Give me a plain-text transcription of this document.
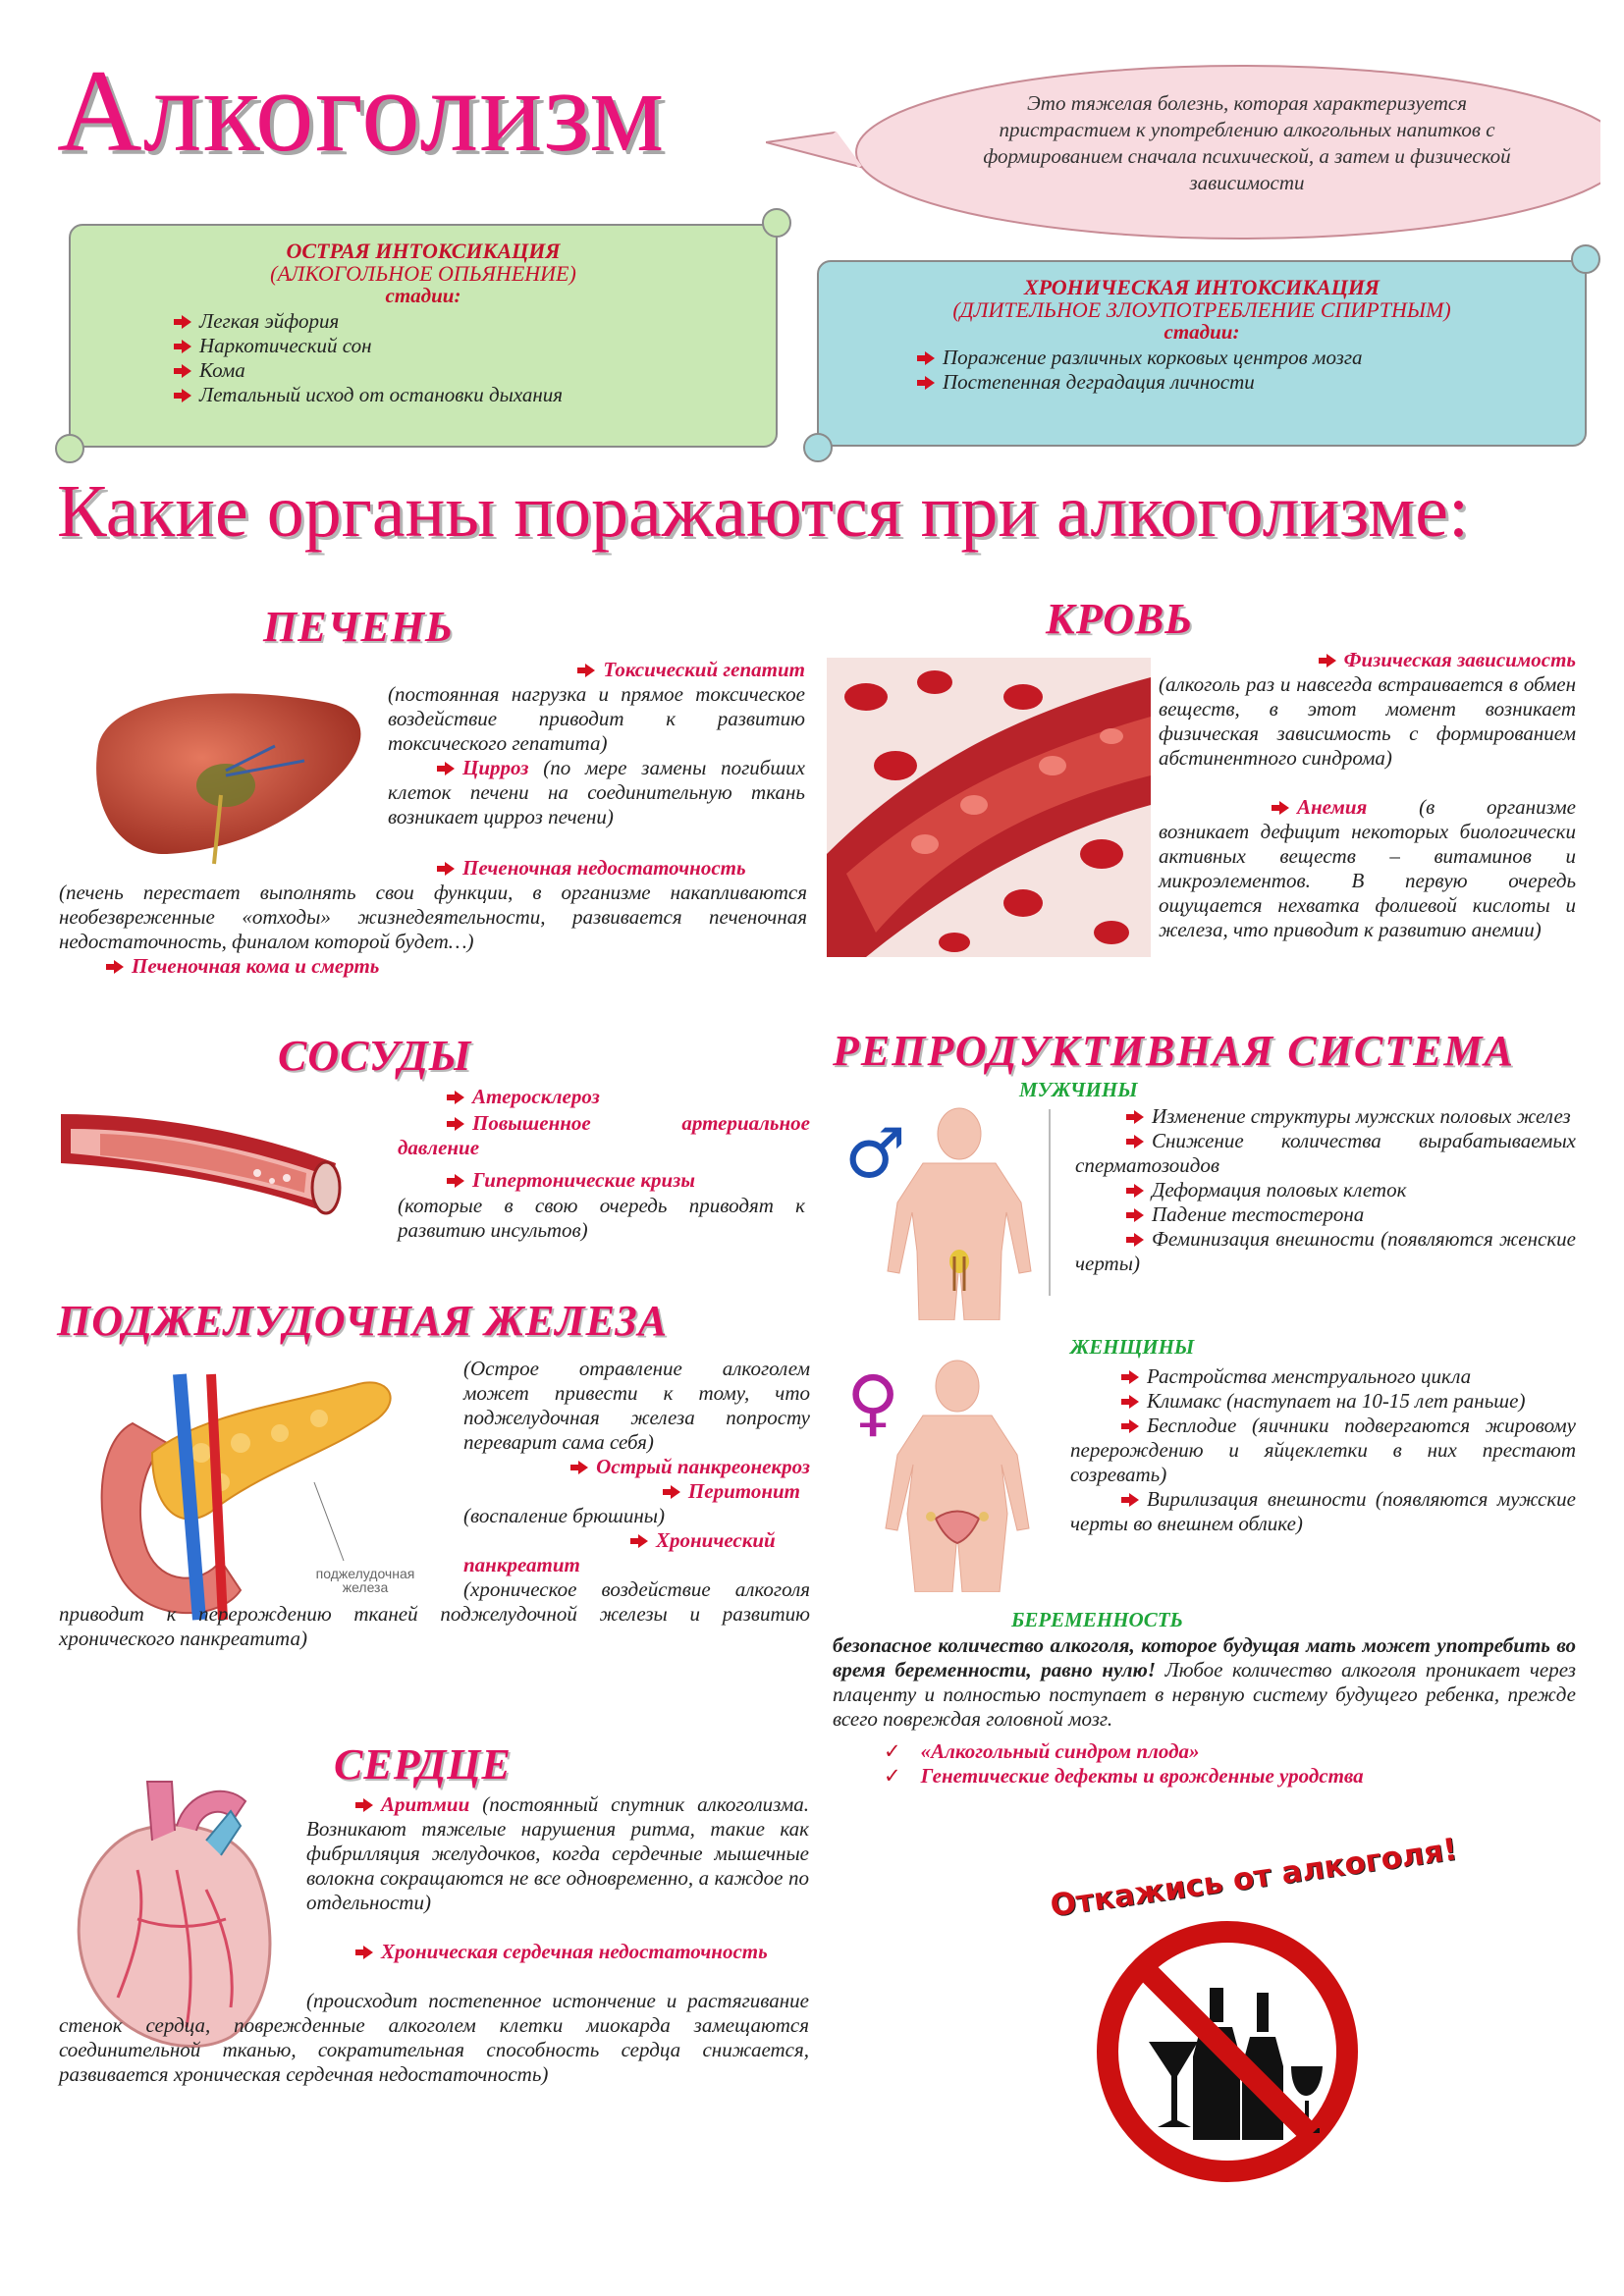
Алкоголизм	Это тяжелая болезнь, которая характеризуется пристрастием к употреблению алкогольных напитков с формированием сначала психической, а затем и физической зависимости
ОСТРАЯ ИНТОКСИКАЦИЯ
(АЛКОГОЛЬНОЕ ОПЬЯНЕНИЕ)
стадии:
Легкая эйфория
Наркотический сон
Кома
Летальный исход от остановки дыхания
ХРОНИЧЕСКАЯ ИНТОКСИКАЦИЯ
(ДЛИТЕЛЬНОЕ ЗЛОУПОТРЕБЛЕНИЕ СПИРТНЫМ)
стадии:
Поражение различных корковых центров мозга
Постепенная деградация личности
Какие органы поражаются при алкоголизме:
ПЕЧЕНЬ
Токсический гепатит
(постоянная нагрузка и прямое токсическое воздействие приводит к развитию токсического гепатита)
Цирроз (по мере замены погибших клеток печени на соединительную ткань возникает цирроз печени)
Печеночная недостаточность
(печень перестает выполнять свои функции, в организме накапливаются необезвреженные «отходы» жизнедеятельности, развивается печеночная недостаточность, финалом которой будет…)
Печеночная кома и смерть
КРОВЬ
Физическая зависимость
(алкоголь раз и навсегда встраивается в обмен веществ, в этот момент возникает физическая зависимость с формированием абстинентного синдрома)
Анемия	(в организме возникает дефицит некоторых биологически активных веществ – витаминов и микроэлементов. В первую очередь ощущается нехватка фолиевой кислоты и железа, что приводит к развитию анемии)
СОСУДЫ
Атеросклероз
Повышенное артериальное давление
Гипертонические кризы
(которые в свою очередь приводят к развитию инсультов)
РЕПРОДУКТИВНАЯ СИСТЕМА
МУЖЧИНЫ
♂	Изменение структуры мужских половых желез
Снижение количества вырабатываемых сперматозоидов
Деформация половых клеток
Падение тестостерона
Феминизация внешности (появляются женские черты)
ЖЕНЩИНЫ
♀	Растройства менструального цикла
Климакс (наступает на 10-15 лет раньше)
Бесплодие (яичники подвергаются жировому перерождению и яйцеклетки в них престают созревать)
Вирилизация внешности (появляются мужские черты во внешнем облике)
БЕРЕМЕННОСТЬ
безопасное количество алкоголя, которое будущая мать может употребить во время беременности, равно нулю! Любое количество алкоголя проникает через плаценту и полностью поступает в нервную систему будущего ребенка, прежде всего повреждая головной мозг.
✓ «Алкогольный синдром плода»
✓ Генетические дефекты и врожденные уродства
ПОДЖЕЛУДОЧНАЯ ЖЕЛЕЗА
поджелудочная железа
(Острое отравление алкоголем может привести к тому, что поджелудочная железа попросту переварит сама себя)
Острый панкреонекроз
Перитонит
(воспаление брюшины)
Хронический панкреатит
(хроническое воздействие алкоголя приводит к перерождению тканей поджелудочной железы и развитию хронического панкреатита)
СЕРДЦЕ
Аритмии (постоянный спутник алкоголизма. Возникают тяжелые нарушения ритма, такие как фибрилляция желудочков, когда сердечные мышечные волокна сокращаются не все одновременно, а каждое по отдельности)
Хроническая сердечная недостаточность
(происходит постепенное истончение и растягивание стенок сердца, поврежденные алкоголем клетки миокарда замещаются соединительной тканью, сократительная способность сердца снижается, развивается хроническая сердечная недостаточность)
Откажись от алкоголя!
